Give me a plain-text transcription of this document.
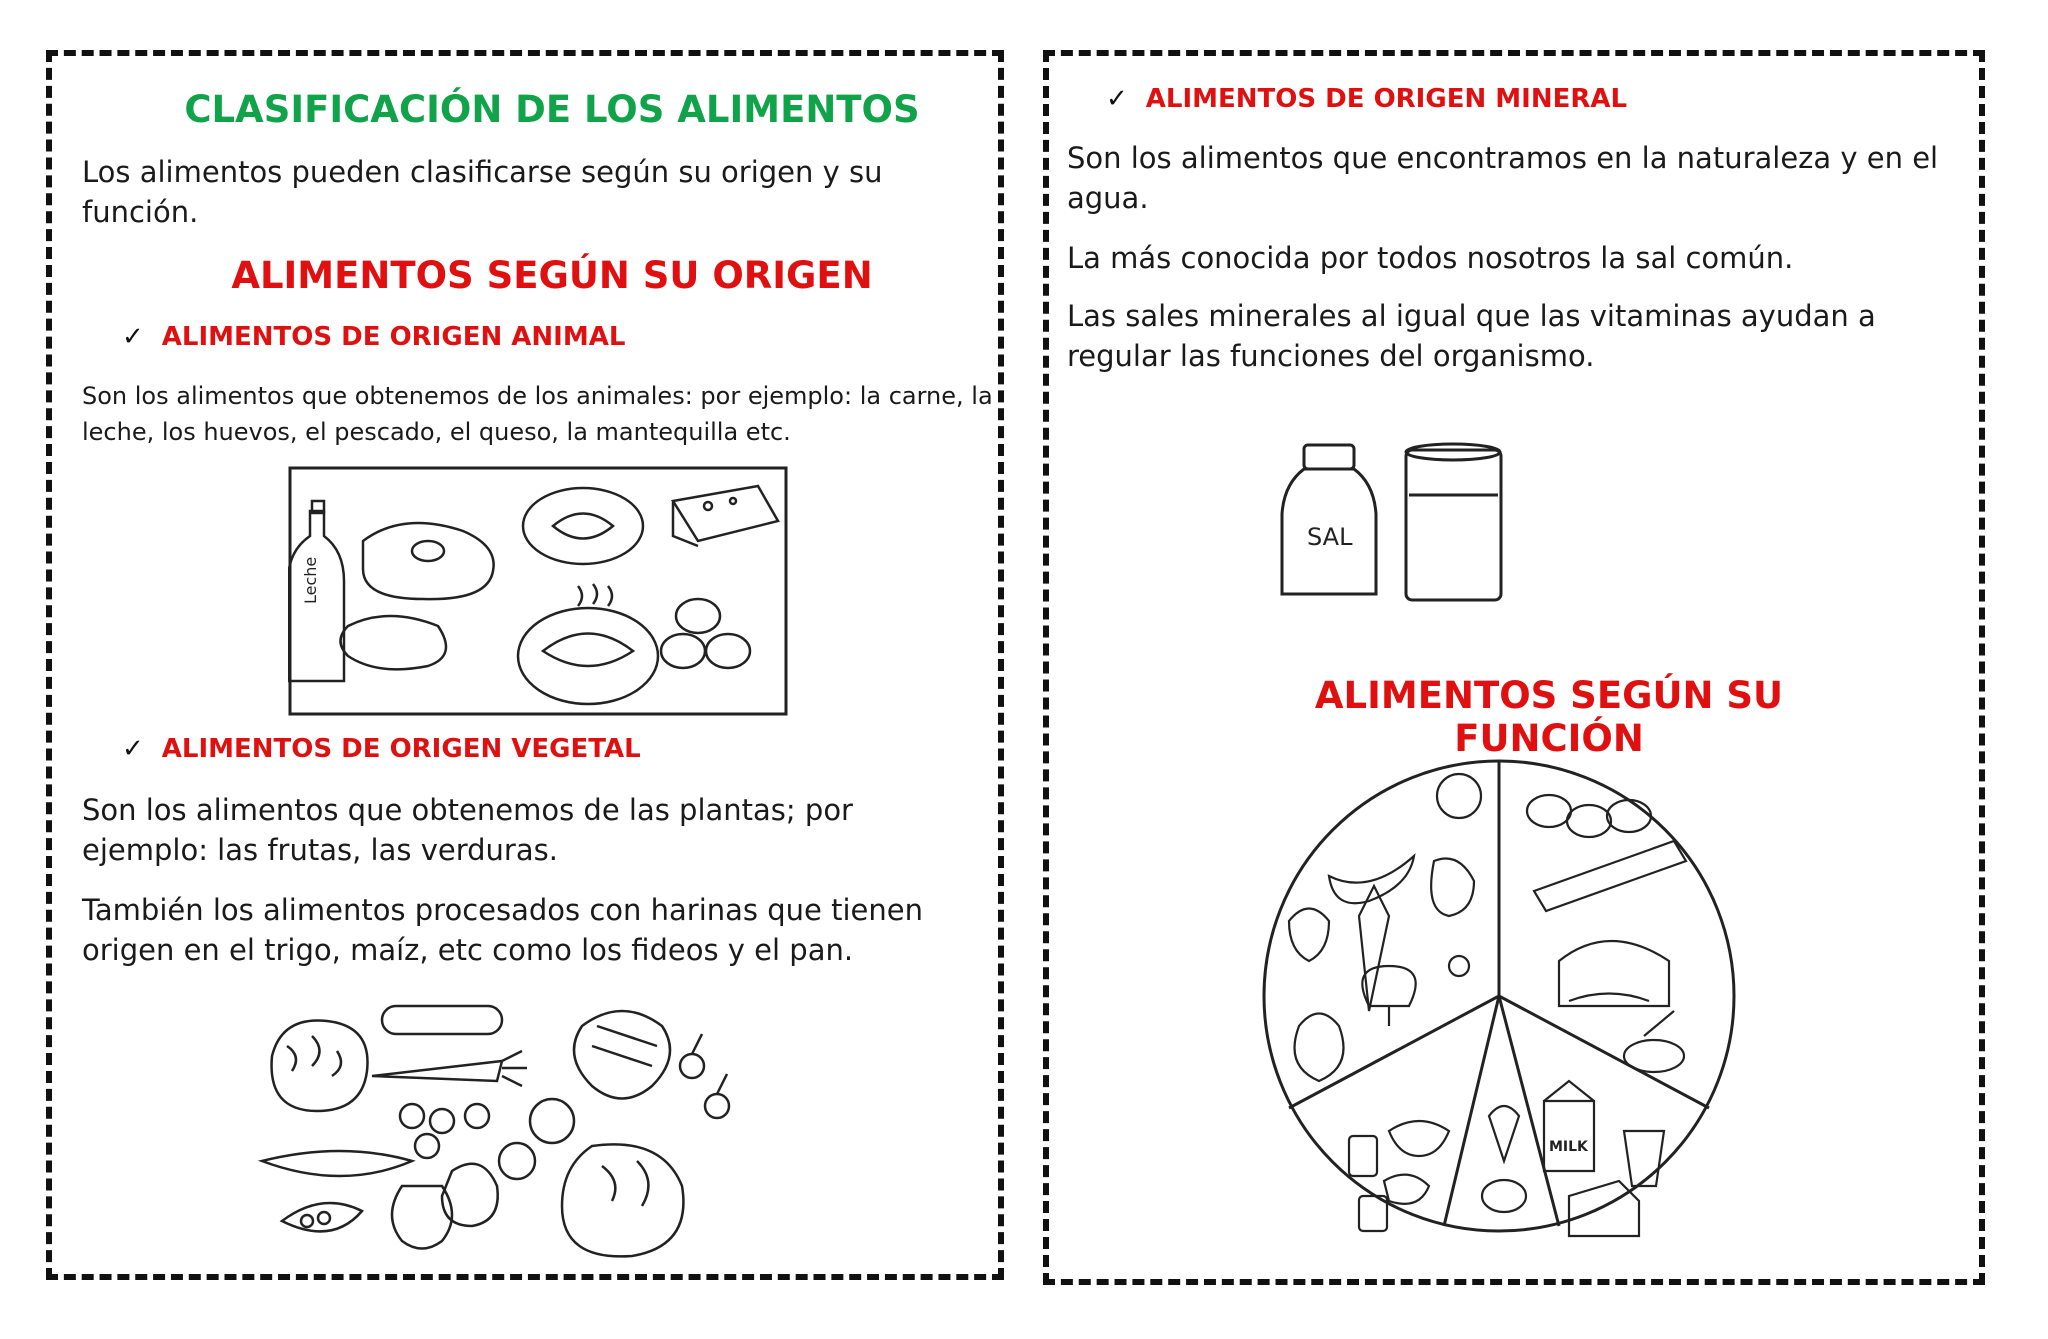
CLASIFICACIÓN DE LOS ALIMENTOS
Los alimentos pueden clasificarse según su origen y su función.
ALIMENTOS SEGÚN SU ORIGEN
✓ ALIMENTOS DE ORIGEN ANIMAL
Son los alimentos que obtenemos de los animales: por ejemplo: la carne, la leche, los huevos, el pescado, el queso, la mantequilla etc.
Leche
✓ ALIMENTOS DE ORIGEN VEGETAL
Son los alimentos que obtenemos de las plantas; por ejemplo: las frutas, las verduras.
También los alimentos procesados con harinas que tienen origen en el trigo, maíz, etc como los fideos y el pan.
✓ ALIMENTOS DE ORIGEN MINERAL
Son los alimentos que encontramos en la naturaleza y en el agua.
La más conocida por todos nosotros la sal común.
Las sales minerales al igual que las vitaminas ayudan a regular las funciones del organismo.
SAL
ALIMENTOS SEGÚN SU FUNCIÓN
MILK
